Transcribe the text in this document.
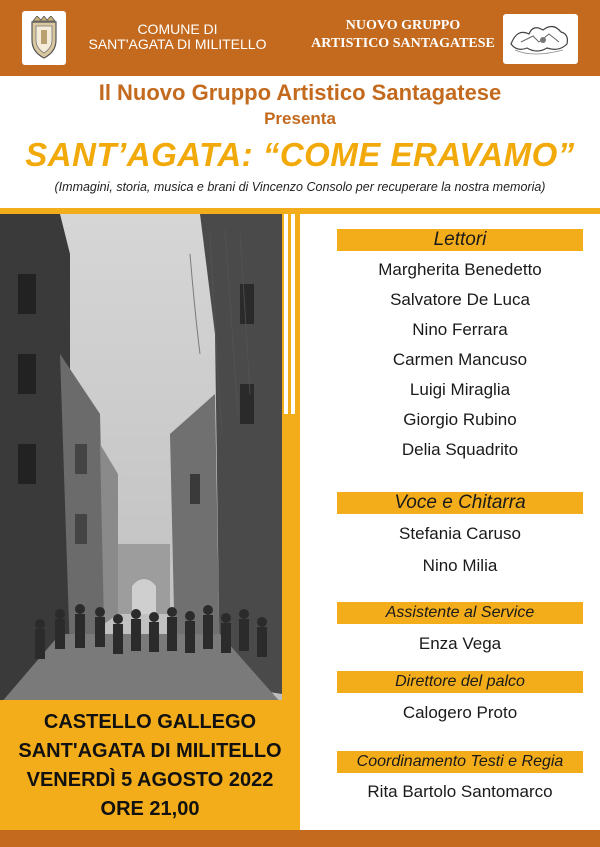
COMUNE DI
SANT'AGATA DI MILITELLO
NUOVO GRUPPO
ARTISTICO SANTAGATESE
Il Nuovo Gruppo Artistico Santagatese
Presenta
SANT’AGATA: “COME ERAVAMO”
(Immagini, storia, musica e brani di Vincenzo Consolo per recuperare la nostra memoria)
CASTELLO GALLEGO
SANT'AGATA DI MILITELLO
VENERDÌ 5 AGOSTO 2022
ORE 21,00
Lettori
Margherita Benedetto
Salvatore De Luca
Nino Ferrara
Carmen Mancuso
Luigi Miraglia
Giorgio Rubino
Delia Squadrito
Voce e Chitarra
Stefania Caruso
Nino Milia
Assistente al Service
Enza Vega
Direttore del palco
Calogero Proto
Coordinamento Testi e Regia
Rita Bartolo Santomarco
